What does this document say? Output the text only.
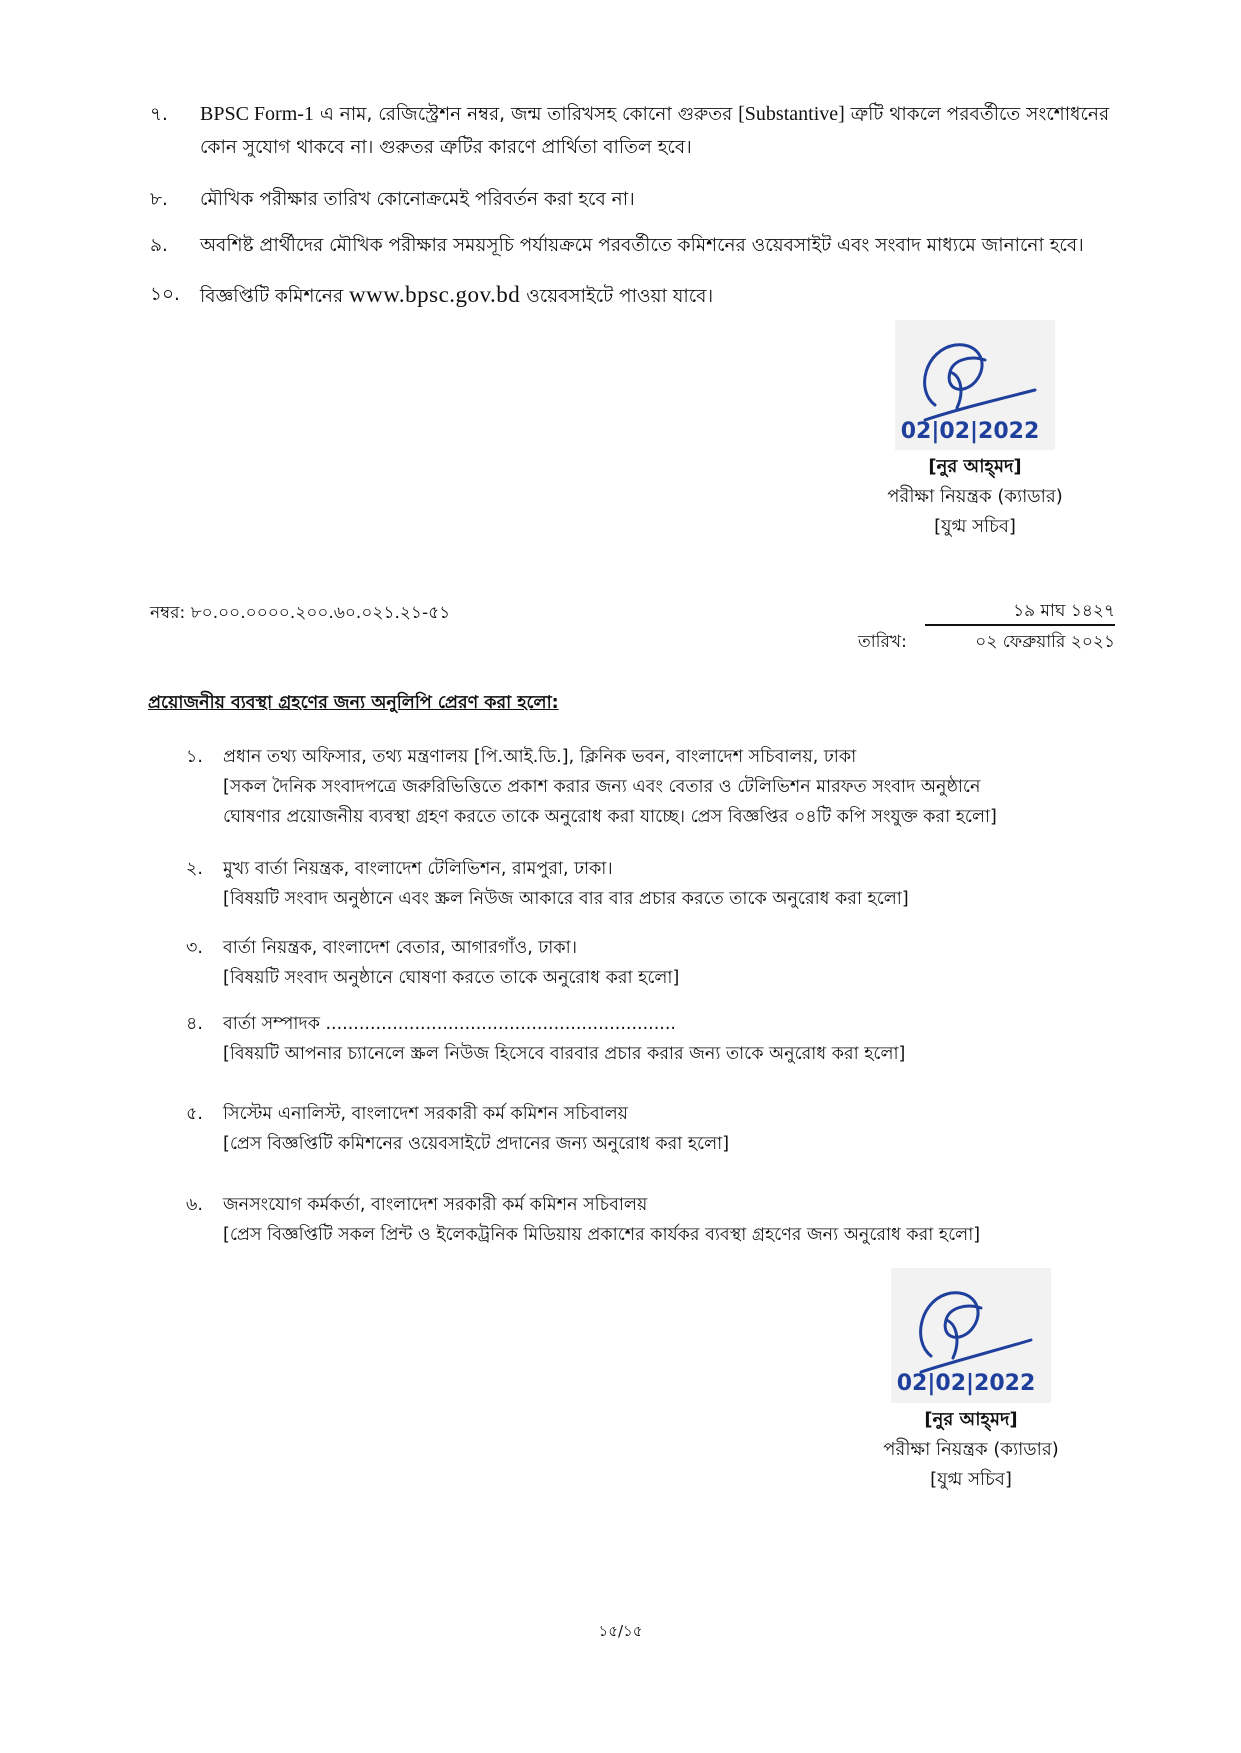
৭.	BPSC Form-1 এ নাম, রেজিস্ট্রেশন নম্বর, জন্ম তারিখসহ কোনো গুরুতর [Substantive] ত্রুটি থাকলে পরবর্তীতে সংশোধনের
কোন সুযোগ থাকবে না। গুরুতর ত্রুটির কারণে প্রার্থিতা বাতিল হবে।
৮.	মৌখিক পরীক্ষার তারিখ কোনোক্রমেই পরিবর্তন করা হবে না।
৯.	অবশিষ্ট প্রার্থীদের মৌখিক পরীক্ষার সময়সূচি পর্যায়ক্রমে পরবর্তীতে কমিশনের ওয়েবসাইট এবং সংবাদ মাধ্যমে জানানো হবে।
১০.	বিজ্ঞপ্তিটি কমিশনের www.bpsc.gov.bd ওয়েবসাইটে পাওয়া যাবে।
02|02|2022
[নুর আহ্‌মদ]
পরীক্ষা নিয়ন্ত্রক (ক্যাডার)
[যুগ্ম সচিব]
নম্বর: ৮০.০০.০০০০.২০০.৬০.০২১.২১-৫১	১৯ মাঘ ১৪২৭
তারিখ:	০২ ফেব্রুয়ারি ২০২১
প্রয়োজনীয় ব্যবস্থা গ্রহণের জন্য অনুলিপি প্রেরণ করা হলো:
১.	প্রধান তথ্য অফিসার, তথ্য মন্ত্রণালয় [পি.আই.ডি.], ক্লিনিক ভবন, বাংলাদেশ সচিবালয়, ঢাকা
[সকল দৈনিক সংবাদপত্রে জরুরিভিত্তিতে প্রকাশ করার জন্য এবং বেতার ও টেলিভিশন মারফত সংবাদ অনুষ্ঠানে
ঘোষণার প্রয়োজনীয় ব্যবস্থা গ্রহণ করতে তাকে অনুরোধ করা যাচ্ছে। প্রেস বিজ্ঞপ্তির ০৪টি কপি সংযুক্ত করা হলো]
২.	মুখ্য বার্তা নিয়ন্ত্রক, বাংলাদেশ টেলিভিশন, রামপুরা, ঢাকা।
[বিষয়টি সংবাদ অনুষ্ঠানে এবং স্ক্রল নিউজ আকারে বার বার প্রচার করতে তাকে অনুরোধ করা হলো]
৩.	বার্তা নিয়ন্ত্রক, বাংলাদেশ বেতার, আগারগাঁও, ঢাকা।
[বিষয়টি সংবাদ অনুষ্ঠানে ঘোষণা করতে তাকে অনুরোধ করা হলো]
৪.	বার্তা সম্পাদক ...............................................................
[বিষয়টি আপনার চ্যানেলে স্ক্রল নিউজ হিসেবে বারবার প্রচার করার জন্য তাকে অনুরোধ করা হলো]
৫.	সিস্টেম এনালিস্ট, বাংলাদেশ সরকারী কর্ম কমিশন সচিবালয়
[প্রেস বিজ্ঞপ্তিটি কমিশনের ওয়েবসাইটে প্রদানের জন্য অনুরোধ করা হলো]
৬.	জনসংযোগ কর্মকর্তা, বাংলাদেশ সরকারী কর্ম কমিশন সচিবালয়
[প্রেস বিজ্ঞপ্তিটি সকল প্রিন্ট ও ইলেকট্রনিক মিডিয়ায় প্রকাশের কার্যকর ব্যবস্থা গ্রহণের জন্য অনুরোধ করা হলো]
02|02|2022
[নুর আহ্‌মদ]
পরীক্ষা নিয়ন্ত্রক (ক্যাডার)
[যুগ্ম সচিব]
১৫/১৫
